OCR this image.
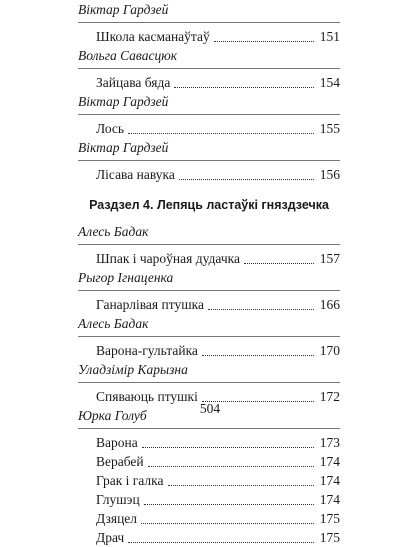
Віктар Гардзей
Школа касманаўтаў	151
Вольга Савасцюк
Зайцава бяда	154
Віктар Гардзей
Лось	155
Віктар Гардзей
Лісава навука	156
Раздзел 4. Лепяць ластаўкі гняздзечка
Алесь Бадак
Шпак і чароўная дудачка	157
Рыгор Ігнаценка
Ганарлівая птушка	166
Алесь Бадак
Варона-гультайка	170
Уладзімір Карызна
Спяваюць птушкі	172
Юрка Голуб
Варона	173
Верабей	174
Грак і галка	174
Глушэц	174
Дзяцел	175
Драч	175
504
